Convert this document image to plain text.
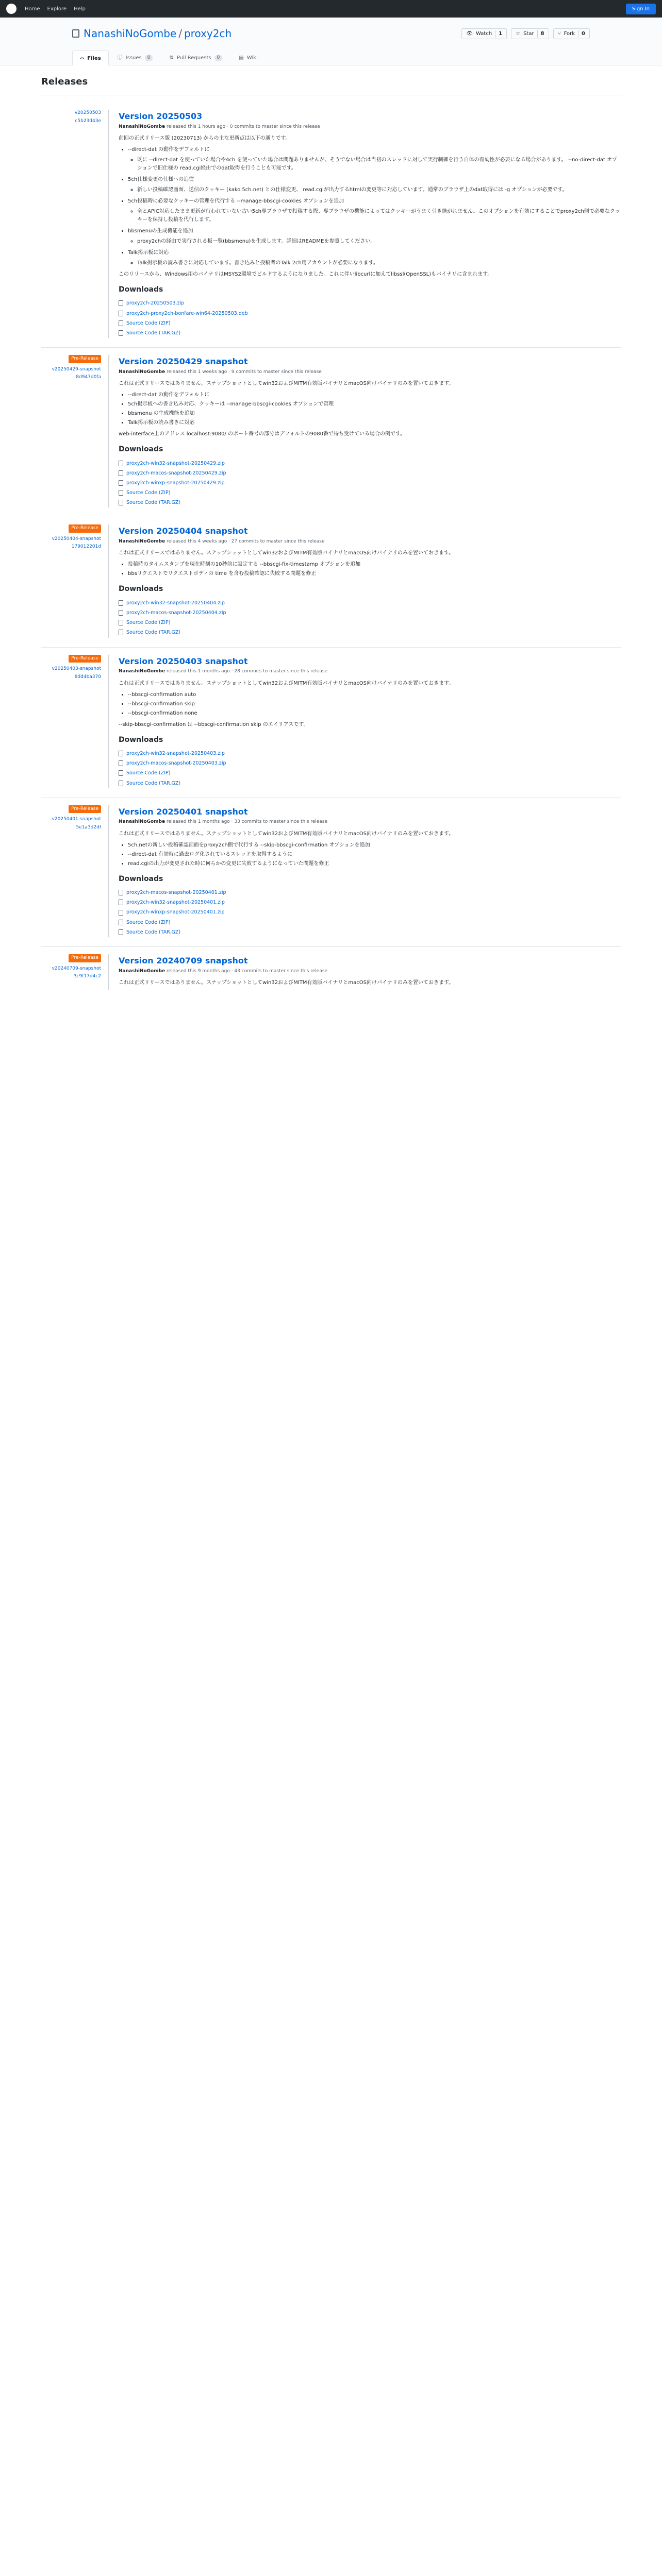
Home Explore Help	Sign In
NanashiNoGombe / proxy2ch	👁 Watch	1	☆ Star	8	⑂ Fork	0
‹› Files	ⓘ Issues	0	⇅ Pull Requests	0	▤ Wiki
Releases
v20250503
c5b23d43e Version 20250503
NanashiNoGombe released this 1 hours ago · 0 commits to master since this release

前回の正式リリース版 (20230713) からの主な更新点は以下の通りです。

• --direct-dat の動作をデフォルトに
◦ 既に --direct-dat を使っていた場合や4ch を使っていた場合は問題ありませんが、そうでない場合は当初のスレッドに対して実行制御を行う自体の有効性が必要になる場合があります。 --no-direct-dat オプションで旧仕様の read.cgi経由でのdat取得を行うことも可能です。
• 5ch仕様変更の仕様への追従
◦ 新しい投稿確認画面、送信のクッキー (kako.5ch.net) との仕様変更、 read.cgiが出力するhtmlの変更等に対応しています。通常のブラウザ上のdat取得には -g オプションが必要です。
• 5ch投稿時に必要なクッキーの管理を代行する --manage-bbscgi-cookies オプションを追加
◦ 全とAPIC対応したまま更新が行われていない古い5ch専ブラウザで投稿する際、専ブラウザの機能によってはクッキーがうまく引き継がれません。このオプションを有効にすることでproxy2ch側で必要なクッキーを保持し投稿を代行します。
• bbsmenuの生成機能を追加
◦ proxy2chの経由で実行される板一覧(bbsmenu)を生成します。詳細はREADMEを参照してください。
• Talk掲示板に対応
◦ Talk掲示板の読み書きに対応しています。書き込みと投稿者のTalk 2ch用アカウントが必要になります。

このリリースから、Windows用のバイナリはMSYS2環境でビルドするようになりました。これに伴いlibcurlに加えてlibssl(OpenSSL)もバイナリに含まれます。

Downloads
proxy2ch-20250503.zip
proxy2ch-proxy2ch-bonfare-win64-20250503.deb
Source Code (ZIP)
Source Code (TAR.GZ)
Pre-Release

v20250429-snapshot
8d947d0fa
Version 20250429 snapshot
NanashiNoGombe released this 1 weeks ago · 9 commits to master since this release

これは正式リリースではありません。スナップショットとしてwin32およびMITM有効版バイナリとmacOS向けバイナリのみを置いておきます。

• --direct-dat の動作をデフォルトに
• 5ch掲示板への書き込み対応、クッキーは --manage-bbscgi-cookies オプションで管理
• bbsmenu の生成機能を追加
• Talk掲示板の読み書きに対応

web-interface上のアドレス localhost:9080/ のポート番号の部分はデフォルトの9080番で待ち受けている場合の例です。

Downloads
proxy2ch-win32-snapshot-20250429.zip
proxy2ch-macos-snapshot-20250429.zip
proxy2ch-winxp-snapshot-20250429.zip
Source Code (ZIP)
Source Code (TAR.GZ)
Pre-Release

v20250404-snapshot
179012201d
Version 20250404 snapshot
NanashiNoGombe released this 4 weeks ago · 27 commits to master since this release

これは正式リリースではありません。スナップショットとしてwin32およびMITM有効版バイナリとmacOS向けバイナリのみを置いておきます。

• 投稿時のタイムスタンプを現在時刻の10秒前に設定する --bbscgi-fix-timestamp オプションを追加
• bbsリクエストでリクエストボディの time を含む投稿確認に失敗する問題を修正
Downloads
proxy2ch-win32-snapshot-20250404.zip
proxy2ch-macos-snapshot-20250404.zip
Source Code (ZIP)
Source Code (TAR.GZ)
Pre-Release

v20250403-snapshot
8dd4ba370
Version 20250403 snapshot
NanashiNoGombe released this 1 months ago · 28 commits to master since this release

これは正式リリースではありません。スナップショットとしてwin32およびMITM有効版バイナリとmacOS向けバイナリのみを置いておきます。

• --bbscgi-confirmation auto
• --bbscgi-confirmation skip
• --bbscgi-confirmation none

--skip-bbscgi-confirmation は --bbscgi-confirmation skip のエイリアスです。

Downloads
proxy2ch-win32-snapshot-20250403.zip
proxy2ch-macos-snapshot-20250403.zip
Source Code (ZIP)
Source Code (TAR.GZ)
Pre-Release

v20250401-snapshot
5e1a3d2df
Version 20250401 snapshot
NanashiNoGombe released this 1 months ago · 33 commits to master since this release

これは正式リリースではありません。スナップショットとしてwin32およびMITM有効版バイナリとmacOS向けバイナリのみを置いておきます。

• 5ch.netの新しい投稿確認画面をproxy2ch側で代行する --skip-bbscgi-confirmation オプションを追加
• --direct-dat 有効時に過去ログ化されているスレッドを取得するように
• read.cgiの出力が変更された時に何らかの変更に失敗するようになっていた問題を修正
Downloads
proxy2ch-macos-snapshot-20250401.zip
proxy2ch-win32-snapshot-20250401.zip
proxy2ch-winxp-snapshot-20250401.zip
Source Code (ZIP)
Source Code (TAR.GZ)
Pre-Release

v20240709-snapshot
3c9f17d4c2
Version 20240709 snapshot
NanashiNoGombe released this 9 months ago · 43 commits to master since this release

これは正式リリースではありません。スナップショットとしてwin32およびMITM有効版バイナリとmacOS向けバイナリのみを置いておきます。
